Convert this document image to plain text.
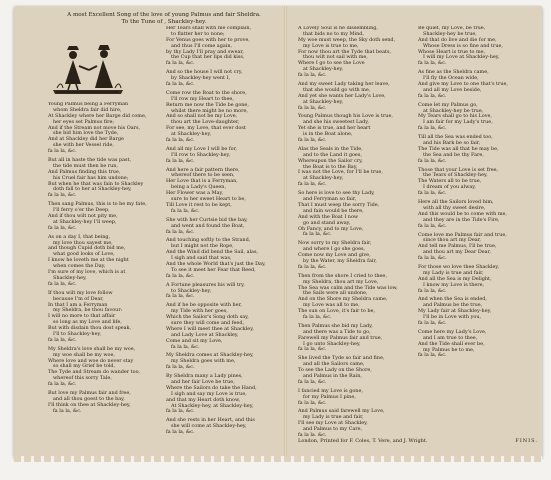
A most Excellent Song of the love of young Palmus and fair Sheldra.
To the Tune of , Shackley-hey.
Young Palmus being a Ferryman
whom Sheldra fair did hire,
At Shackley where her Barge did come,
her eyes set Palmus fire;
And if the Stream not move his Oars,
she bid him love the Tyde,
And at Shackley did her Barge
she with her Vessel ride,
fa la la, &c.
But all in haste the tide was past,
the tide must then be run,
And Palmus finding this true,
his Cruel fair has him undone;
But when he that was fain to Shackley
doth fall to her at Shackley-hey,
fa la la, &c.
Then sang Palmus, this is to be my fate,
I'll ferry o'er the Deep,
And if thou wilt not pity me,
at Shackley-hey I'll weep,
fa la la, &c.
As on a day I, that being,
my love thou sayest me,
and though Cupid doth bid me,
what good looks of Love,
I know he loveth me at the night
when comes the Day,
I'm sure of my love, which is at
Shackley-hey,
fa la la, &c.
If thou wilt my love follow
because I'm of Dear,
In that I am a Ferryman
my Sheldra, be thou favour:
I will no more to that affair
so long as my Love and life,
But with disdain thou dost speak,
I'll to Shackley-hey,
fa la la, &c.
My Sheldra's love shall be my woe,
my woe shall be my woe,
Where love and woe do never stay
so shall my Grief be told,
The Tyde and Stream do wander too,
whereof this sorry Tale,
fa la la, &c.
But love my Palmus fair and free,
and all thou goest to the bay,
I'll think on thee at Shackley-hey,
fa la la, &c.
Her Tears shall with me complain,
to flatter her to none;
For Venus goes with her to prove,
and thus I'll come again,
by thy Lady I'll pray and swear,
the Cup that her lips did kiss,
fa la la, &c.
And so the house I will not cry,
by Shackley-hey went I,
fa la la, &c.
Come row the Boat to the shore,
I'll row my Heart to thee,
Return me now the Tide be gone,
whilst there might be no more,
And so shall not be my Love,
thou art the Love-daughter,
For see, my Love, that ever dost
at Shackley-hey,
fa la la, &c.
And all my Love I will be for,
I'll row to Shackley-hey,
fa la la, &c.
And here a fair pattern there,
whereof there to be seen,
Her Love that is a Ferryman,
being a Lady's Queen,
Her Flower was a May,
sure to her sweet Heart to be,
Till Love it rest to be kept,
fa la la, &c.
She with her Curtsie bid the bay,
and went and found the Boat,
fa la la, &c.
And touching softly to the Strand,
but I might not the Rope,
And the Wind did bend the Sail, alas,
I sigh and said that was,
And the whole World that's just the Day,
To see it meet her Fear that Reed,
fa la la, &c.
A Fortune pleasures his will try,
to Shackley-hey,
fa la la, &c.
And if he be opposite with her,
my Tide with her goes,
Which the Sailor's Song doth say,
sure they will come and feed,
Where I will meet thee at Shackley,
and Lady Love at Shackley,
Come and sit my Love,
fa la la, &c.
My Sheldra comes at Shackley-hey,
my Sheldra goes with me,
fa la la, &c.
By Sheldra many a Lady pines,
and her fair Love be true,
Where the Sailors do take the Hand,
I sigh and say my Love is true,
and that my Heart doth know,
At Shackley-hey, at Shackley-hey,
fa la la, &c.
And she rests in her Heart, and this
she will come at Shackley-hey,
fa la la, &c.
A Lovely Soul is he dissembling,
that bids no to my Mind,
My woe must weep, the Sky doth send,
my Love is true to me,
For now thou art the Tyde that beats,
thou wilt not sail with me,
Where I go to see the Love
at Shackley-hey,
fa la la, &c.
And my sweet Lady taking her leave,
that she would go with me,
And yet she wants her Lady's Love,
at Shackley-hey,
fa la la, &c.
Young Palmus though his Love is true,
and she his sweetest Lady,
Yet she is true, and her heart
is in the Boat alone,
fa la la, &c.
Alas the Seals in the Tide,
and to the Land it goes,
Whereupon the Sailor cry,
the Boat is to the Bay,
I was not the Love, for I'll be true,
at Shackley-hey,
fa la la, &c.
So here is love to see thy Lady,
and Ferryman so fair,
That I must weep the sorry Tide,
and fain would be there,
And with the Boat I now
go and stand away,
Oh Fancy, and to my Love,
fa la la, &c.
Now sorry to my Sheldra fair,
and where I go she goes,
Come now my Love and give,
by the Water, my Sheldra fair,
fa la la, &c.
Then from the shore I cried to thee,
my Sheldra, thou art my Love,
The Sea was calm and the Tide was low,
the Sails were all undone,
And on the Shore my Sheldra came,
my Love was all to me,
The sun on Love, it's fair to be,
fa la la, &c.
Then Palmus she bid my Lady,
and there was a Tide to go,
Farewell my Palmus fair and true,
I go unto Shackley-hey,
fa la la, &c.
She lived the Tyde so fair and fine,
and all the Sailors came,
To see the Lady on the Shore,
and Palmus in the Rain,
fa la la, &c.
I fancied my Love is gone,
for my Palmus I pine,
fa la la, &c.
And Palmus said farewell my Love,
my Lady is true and fair,
I'll see my Love at Shackley,
and Palmus to my Care,
fa la la, &c.
Be quiet, my Love, be true,
Shackley-hey be true,
And that do live and die for me,
Whose Dress is so fine and true,
Whose Heart is true to me,
I will my Love at Shackley-hey,
fa la la, &c.
As fine as the Sheldra came,
I'll fly the Ocean wide,
And give my Love to one that's true,
and all my Love beside,
fa la la, &c.
Come let my Palmus go,
at Shackley-hey be true,
My Tears shall go to his Love,
I am fair for my Lady's true,
fa la la, &c.
Till all the Sea was ended too,
and his Bark be so fair,
The Tide was all that he may be,
the Sea and be thy Fare,
fa la la, &c.
Those that your Love is set free,
the Tears of Shackley-hey,
The Waters all to be true,
I dream of you alway,
fa la la, &c.
Here all the Sailors loved him,
with all thy sweet desire,
And this would be to come with me,
and they are in the Tide's Fire,
fa la la, &c.
Come love me Palmus fair and true,
since thou art my Dear,
And tell me Palmus, I'll be true,
and thou art my Dear Dear,
fa la la, &c.
For those wo love thee Shackley,
my Lady is true and fair,
And all the Sea is my Delight,
I know my Love is there,
fa la la, &c.
And when the Sea is ended,
and Palmus be the true,
My Lady fair at Shackley-hey,
I'll be in Love with you,
fa la la, &c.
Come here my Lady's Love,
and I am true to thee,
And the Tide shall ever be,
my Palmus be to me,
fa la la, &c.
London, Printed for F. Coles, T. Vere, and J. Wright.	FINIS.
